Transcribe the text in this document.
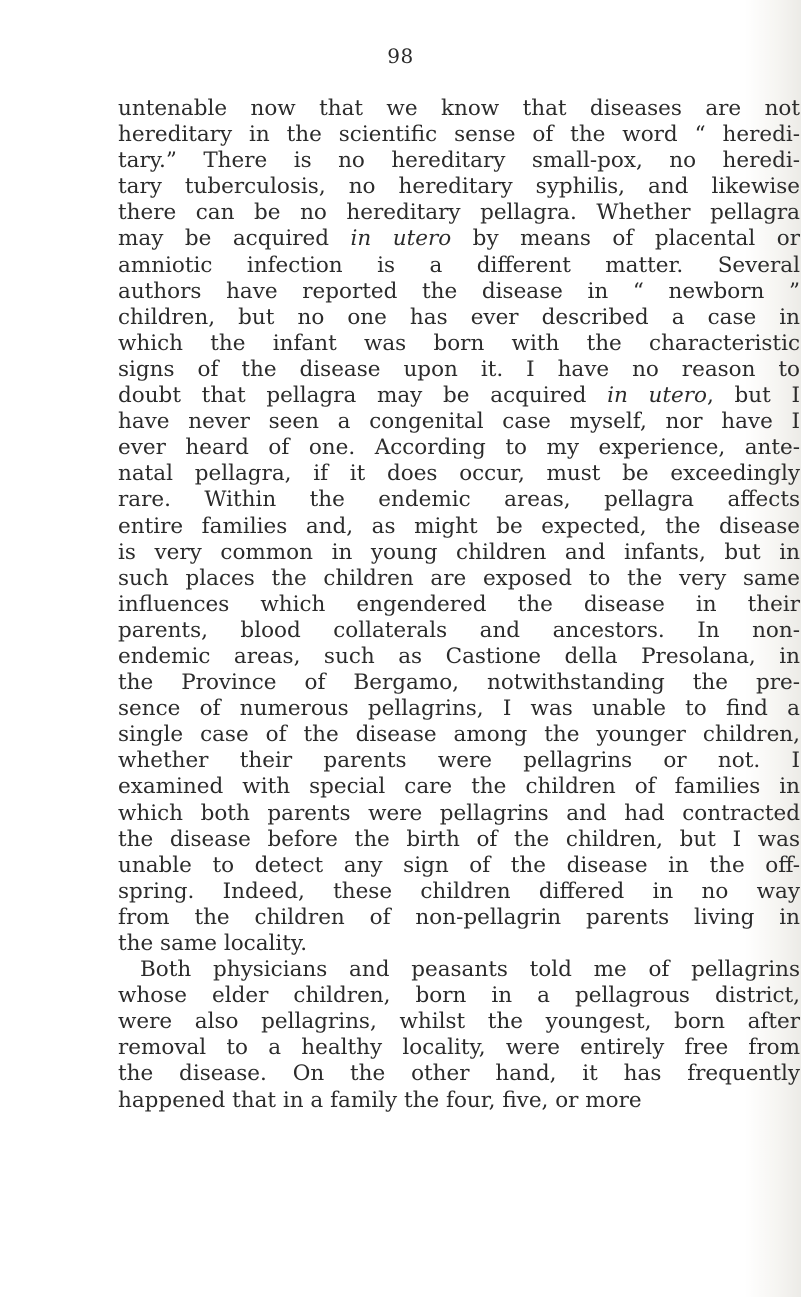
98
untenable now that we know that diseases are not
hereditary in the scientific sense of the word “ heredi-
tary.” There is no hereditary small-pox, no heredi-
tary tuberculosis, no hereditary syphilis, and likewise
there can be no hereditary pellagra. Whether pellagra
may be acquired in utero by means of placental or
amniotic infection is a different matter. Several
authors have reported the disease in “ newborn ”
children, but no one has ever described a case in
which the infant was born with the characteristic
signs of the disease upon it. I have no reason to
doubt that pellagra may be acquired in utero, but I
have never seen a congenital case myself, nor have I
ever heard of one. According to my experience, ante-
natal pellagra, if it does occur, must be exceedingly
rare. Within the endemic areas, pellagra affects
entire families and, as might be expected, the disease
is very common in young children and infants, but in
such places the children are exposed to the very same
influences which engendered the disease in their
parents, blood collaterals and ancestors. In non-
endemic areas, such as Castione della Presolana, in
the Province of Bergamo, notwithstanding the pre-
sence of numerous pellagrins, I was unable to find a
single case of the disease among the younger children,
whether their parents were pellagrins or not. I
examined with special care the children of families in
which both parents were pellagrins and had contracted
the disease before the birth of the children, but I was
unable to detect any sign of the disease in the off-
spring. Indeed, these children differed in no way
from the children of non-pellagrin parents living in
the same locality.
Both physicians and peasants told me of pellagrins
whose elder children, born in a pellagrous district,
were also pellagrins, whilst the youngest, born after
removal to a healthy locality, were entirely free from
the disease. On the other hand, it has frequently
happened that in a family the four, five, or more
